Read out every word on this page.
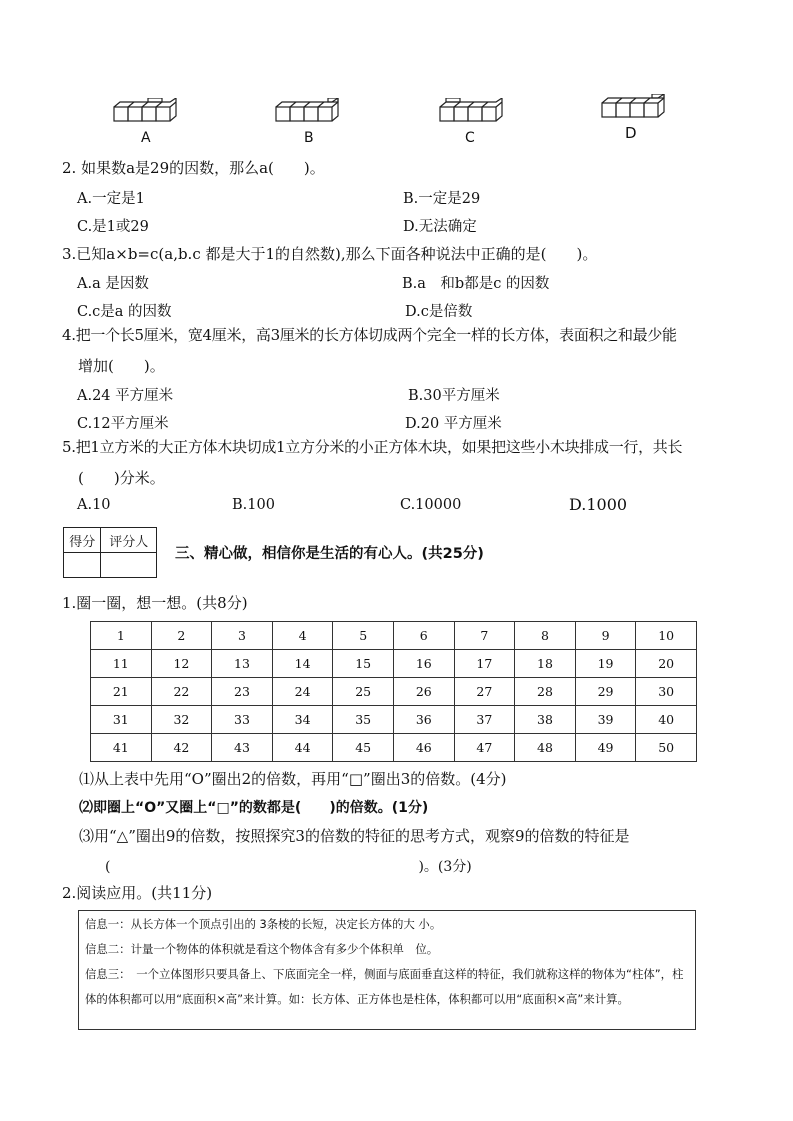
A	B	C	D
2. 如果数a是29的因数，那么a(　　)。
A.一定是1	B.一定是29
C.是1或29	D.无法确定
3.已知a×b=c(a,b.c 都是大于1的自然数),那么下面各种说法中正确的是(　　)。
A.a 是因数	B.a　和b都是c 的因数
C.c是a 的因数	D.c是倍数
4.把一个长5厘米，宽4厘米，高3厘米的长方体切成两个完全一样的长方体，表面积之和最少能
增加(　　)。
A.24 平方厘米	B.30平方厘米
C.12平方厘米	D.20 平方厘米
5.把1立方米的大正方体木块切成1立方分米的小正方体木块，如果把这些小木块排成一行，共长
(　　)分米。
A.10	B.100	C.10000	D.1000
得分	评分人

三、精心做，相信你是生活的有心人。(共25分)
1.圈一圈，想一想。(共8分)
1	2	3	4	5	6	7	8	9	10
11	12	13	14	15	16	17	18	19	20
21	22	23	24	25	26	27	28	29	30
31	32	33	34	35	36	37	38	39	40
41	42	43	44	45	46	47	48	49	50
⑴从上表中先用“O”圈出2的倍数，再用“□”圈出3的倍数。(4分)
⑵即圈上“O”又圈上“□”的数都是(　　)的倍数。(1分)
⑶用“△”圈出9的倍数，按照探究3的倍数的特征的思考方式，观察9的倍数的特征是
(　　　　　　　　　　　　　　　　　　　　　　)。(3分)
2.阅读应用。(共11分)

信息一：从长方体一个顶点引出的 3条棱的长短，决定长方体的大 小。

信息二：计量一个物体的体积就是看这个物体含有多少个体积单　位。

信息三：　一个立体图形只要具备上、下底面完全一样，侧面与底面垂直这样的特征，我们就称这样的物体为“柱体”，柱体的体积都可以用“底面积×高”来计算。如：长方体、正方体也是柱体，体积都可以用“底面积×高”来计算。
